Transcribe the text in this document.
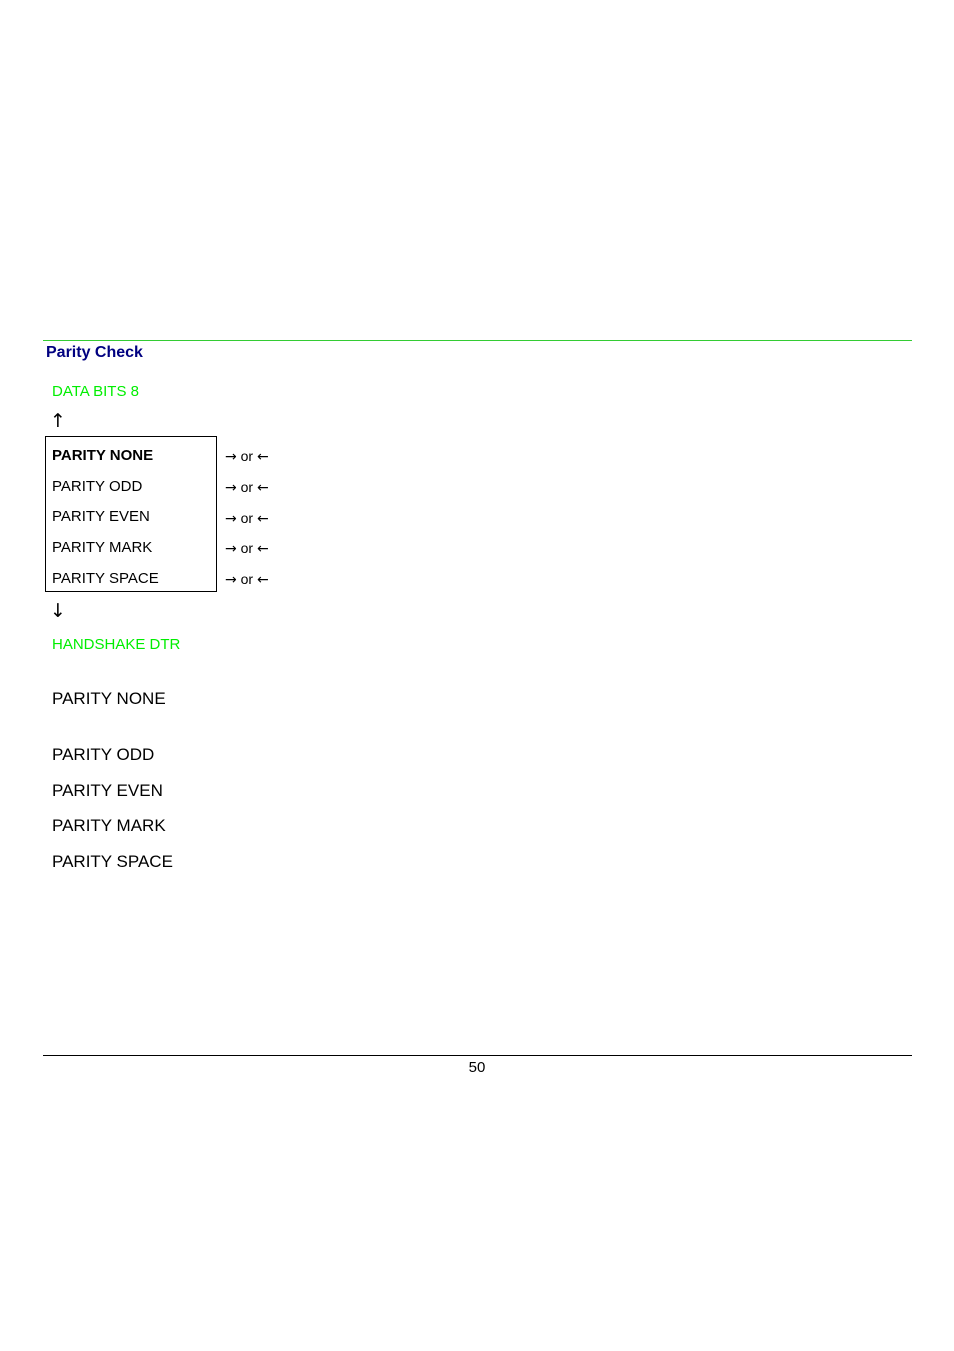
Parity Check
DATA BITS 8
↑
PARITY NONE	→ or ←
PARITY ODD	→ or ←
PARITY EVEN	→ or ←
PARITY MARK	→ or ←
PARITY SPACE	→ or ←
↓
HANDSHAKE DTR
PARITY NONE
PARITY ODD
PARITY EVEN
PARITY MARK
PARITY SPACE
50
